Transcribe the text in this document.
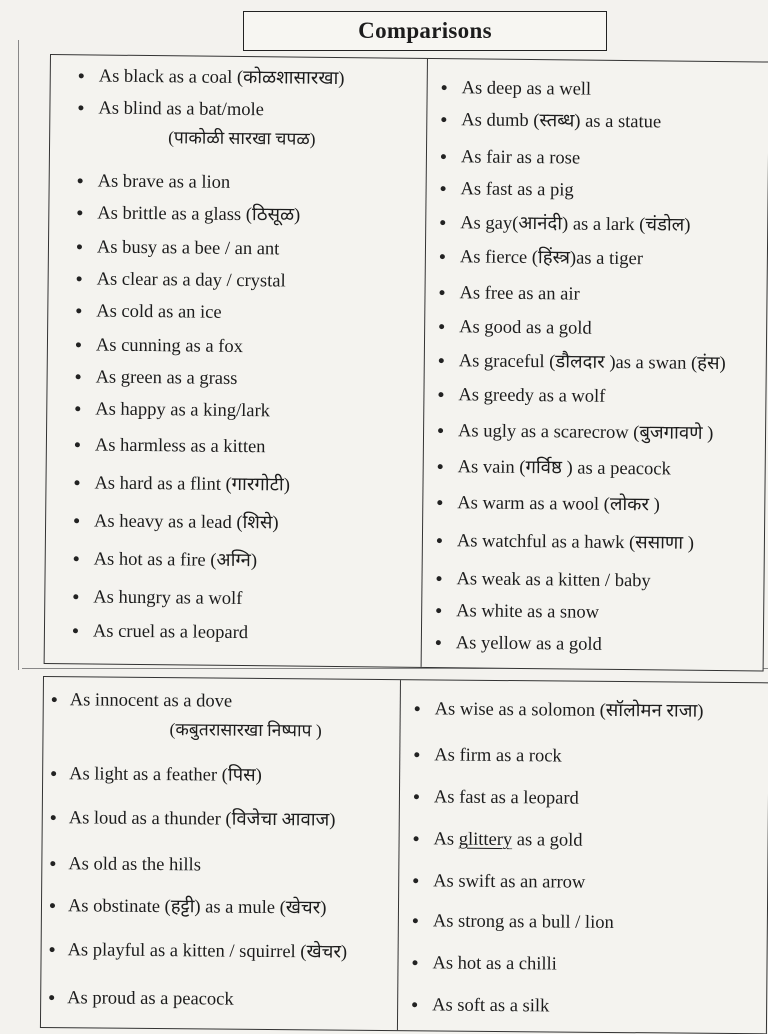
Comparisons
As black as a coal (कोळशासारखा)
As blind as a bat/mole
(पाकोळी सारखा चपळ)
As brave as a lion
As brittle as a glass (ठिसूळ)
As busy as a bee / an ant
As clear as a day / crystal
As cold as an ice
As cunning as a fox
As green as a grass
As happy as a king/lark
As harmless as a kitten
As hard as a flint (गारगोटी)
As heavy as a lead (शिसे)
As hot as a fire (अग्नि)
As hungry as a wolf
As cruel as a leopard
As deep as a well
As dumb (स्तब्ध) as a statue
As fair as a rose
As fast as a pig
As gay(आनंदी) as a lark (चंडोल)
As fierce (हिंस्त्र)as a tiger
As free as an air
As good as a gold
As graceful (डौलदार )as a swan (हंस)
As greedy as a wolf
As ugly as a scarecrow (बुजगावणे )
As vain (गर्विष्ठ ) as a peacock
As warm as a wool (लोकर )
As watchful as a hawk (ससाणा )
As weak as a kitten / baby
As white as a snow
As yellow as a gold
As innocent as a dove
(कबुतरासारखा निष्पाप )
As light as a feather (पिस)
As loud as a thunder (विजेचा आवाज)
As old as the hills
As obstinate (हट्टी) as a mule (खेचर)
As playful as a kitten / squirrel (खेचर)
As proud as a peacock
As wise as a solomon (सॉलोमन राजा)
As firm as a rock
As fast as a leopard
As glittery as a gold
As swift as an arrow
As strong as a bull / lion
As hot as a chilli
As soft as a silk
